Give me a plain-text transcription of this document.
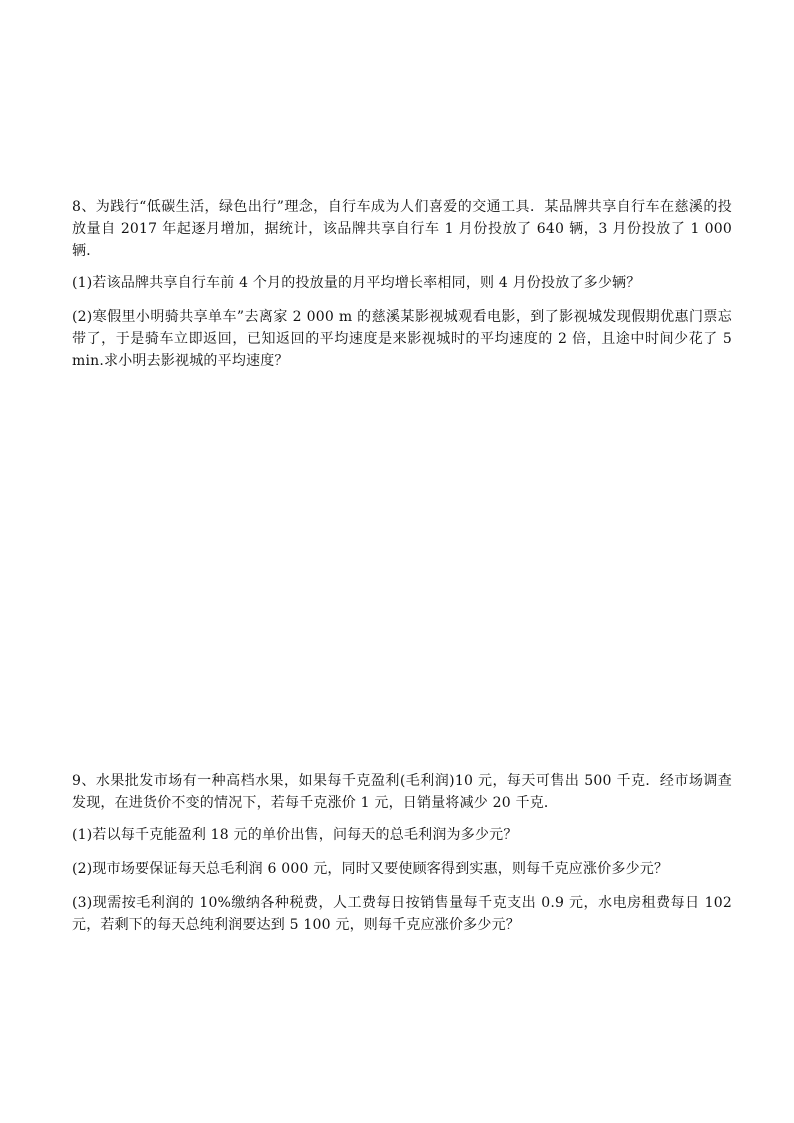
8、为践行“低碳生活，绿色出行”理念，自行车成为人们喜爱的交通工具．某品牌共享自行车在慈溪的投放量自 2017 年起逐月增加，据统计，该品牌共享自行车 1 月份投放了 640 辆，3 月份投放了 1 000 辆．

(1)若该品牌共享自行车前 4 个月的投放量的月平均增长率相同，则 4 月份投放了多少辆？

(2)寒假里小明骑共享单车”去离家 2 000 m 的慈溪某影视城观看电影，到了影视城发现假期优惠门票忘带了，于是骑车立即返回，已知返回的平均速度是来影视城时的平均速度的 2 倍，且途中时间少花了 5 min.求小明去影视城的平均速度？

9、水果批发市场有一种高档水果，如果每千克盈利(毛利润)10 元，每天可售出 500 千克．经市场调查发现，在进货价不变的情况下，若每千克涨价 1 元，日销量将减少 20 千克．

(1)若以每千克能盈利 18 元的单价出售，问每天的总毛利润为多少元？

(2)现市场要保证每天总毛利润 6 000 元，同时又要使顾客得到实惠，则每千克应涨价多少元？

(3)现需按毛利润的 10%缴纳各种税费，人工费每日按销售量每千克支出 0.9 元，水电房租费每日 102 元，若剩下的每天总纯利润要达到 5 100 元，则每千克应涨价多少元？
